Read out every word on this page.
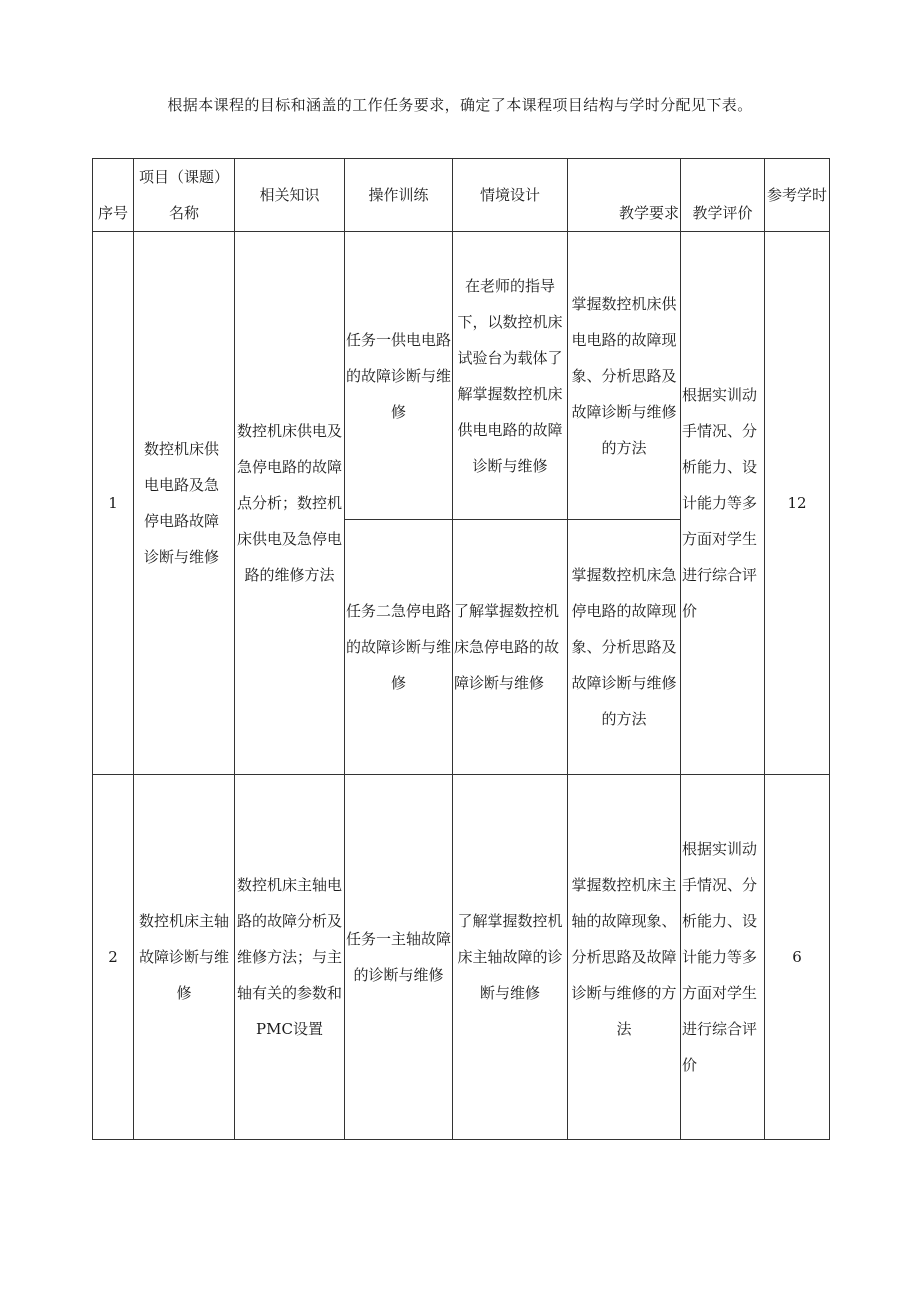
根据本课程的目标和涵盖的工作任务要求，确定了本课程项目结构与学时分配见下表。
序号	项目（课题）名称	相关知识	操作训练	情境设计	教学要求	教学评价	参考学时
1	数控机床供电电路及急停电路故障诊断与维修	数控机床供电及急停电路的故障点分析；数控机床供电及急停电路的维修方法	任务一供电电路的故障诊断与维修	在老师的指导下，以数控机床试验台为载体了解掌握数控机床供电电路的故障诊断与维修	掌握数控机床供电电路的故障现象、分析思路及故障诊断与维修的方法	根据实训动手情况、分析能力、设计能力等多方面对学生进行综合评价	12
			任务二急停电路的故障诊断与维修	了解掌握数控机床急停电路的故障诊断与维修	掌握数控机床急停电路的故障现象、分析思路及故障诊断与维修的方法		
2	数控机床主轴故障诊断与维修	数控机床主轴电路的故障分析及维修方法；与主轴有关的参数和PMC设置	任务一主轴故障的诊断与维修	了解掌握数控机床主轴故障的诊断与维修	掌握数控机床主轴的故障现象、分析思路及故障诊断与维修的方法	根据实训动手情况、分析能力、设计能力等多方面对学生进行综合评价	6
